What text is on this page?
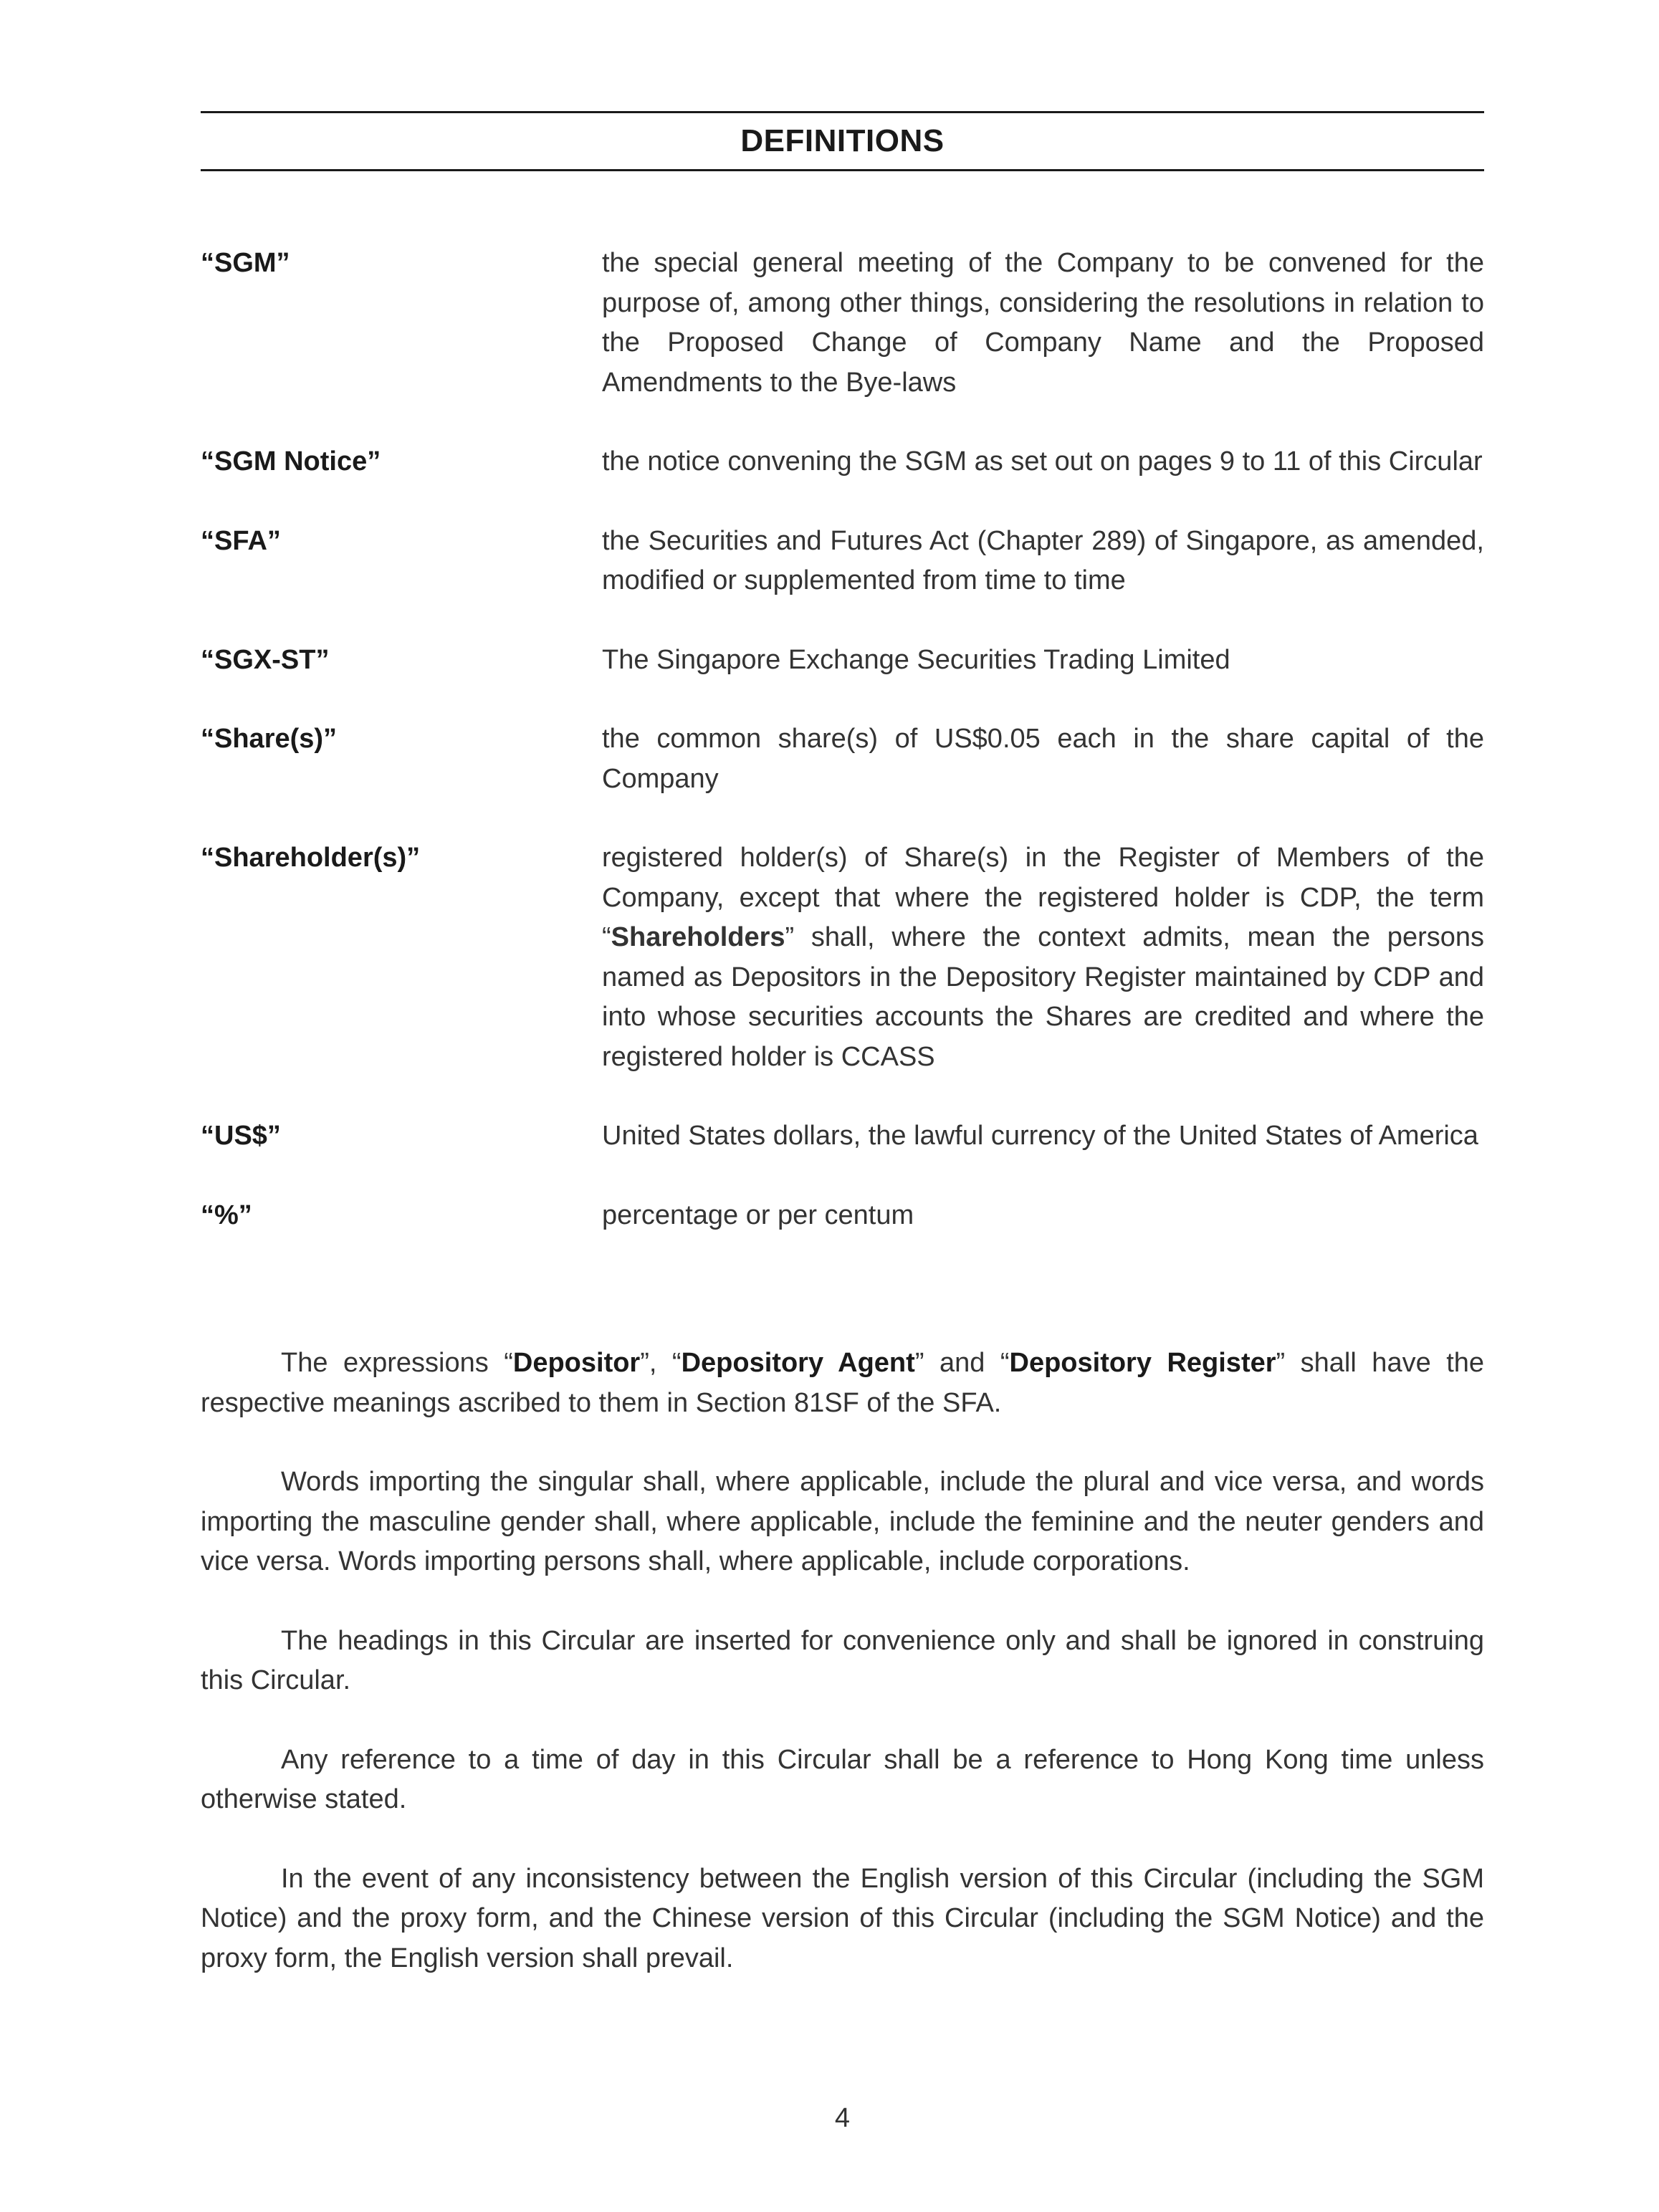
DEFINITIONS
“SGM”	the special general meeting of the Company to be convened for the purpose of, among other things, considering the resolutions in relation to the Proposed Change of Company Name and the Proposed Amendments to the Bye-laws
“SGM Notice”	the notice convening the SGM as set out on pages 9 to 11 of this Circular
“SFA”	the Securities and Futures Act (Chapter 289) of Singapore, as amended, modified or supplemented from time to time
“SGX-ST”	The Singapore Exchange Securities Trading Limited
“Share(s)”	the common share(s) of US$0.05 each in the share capital of the Company
“Shareholder(s)”	registered holder(s) of Share(s) in the Register of Members of the Company, except that where the registered holder is CDP, the term “Shareholders” shall, where the context admits, mean the persons named as Depositors in the Depository Register maintained by CDP and into whose securities accounts the Shares are credited and where the registered holder is CCASS
“US$”	United States dollars, the lawful currency of the United States of America
“%”	percentage or per centum

The expressions “Depositor”, “Depository Agent” and “Depository Register” shall have the respective meanings ascribed to them in Section 81SF of the SFA.

Words importing the singular shall, where applicable, include the plural and vice versa, and words importing the masculine gender shall, where applicable, include the feminine and the neuter genders and vice versa. Words importing persons shall, where applicable, include corporations.

The headings in this Circular are inserted for convenience only and shall be ignored in construing this Circular.

Any reference to a time of day in this Circular shall be a reference to Hong Kong time unless otherwise stated.

In the event of any inconsistency between the English version of this Circular (including the SGM Notice) and the proxy form, and the Chinese version of this Circular (including the SGM Notice) and the proxy form, the English version shall prevail.

4
